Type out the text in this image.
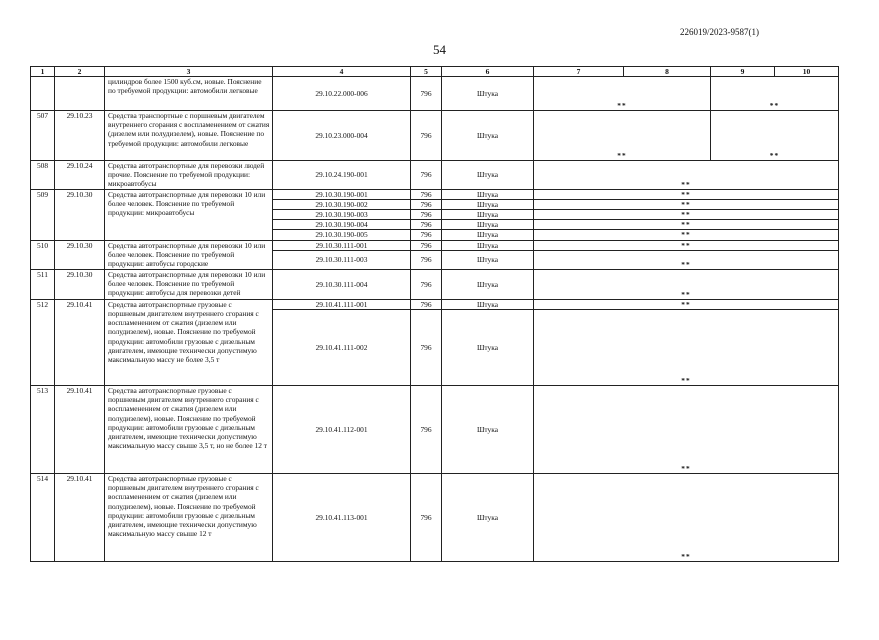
226019/2023-9587(1)
54
1	2	3	4	5	6	7	8	9	10
		цилиндров более 1500 куб.см, новые. Пояснение по требуемой продукции: автомобили легковые	29.10.22.000-006	796	Штука	**		**	
507	29.10.23	Средства транспортные с поршневым двигателем внутреннего сгорания с воспламенением от сжатия (дизелем или полудизелем), новые. Пояснение по требуемой продукции: автомобили легковые	29.10.23.000-004	796	Штука	**		**	
508	29.10.24	Средства автотранспортные для перевозки людей прочие. Пояснение по требуемой продукции: микроавтобусы	29.10.24.190-001	796	Штука	**			
509	29.10.30	Средства автотранспортные для перевозки 10 или более человек. Пояснение по требуемой продукции: микроавтобусы	29.10.30.190-001	796	Штука	**			
			29.10.30.190-002	796	Штука	**			
			29.10.30.190-003	796	Штука	**			
			29.10.30.190-004	796	Штука	**			
			29.10.30.190-005	796	Штука	**			
510	29.10.30	Средства автотранспортные для перевозки 10 или более человек. Пояснение по требуемой продукции: автобусы городские	29.10.30.111-001	796	Штука	**			
			29.10.30.111-003	796	Штука	**			
511	29.10.30	Средства автотранспортные для перевозки 10 или более человек. Пояснение по требуемой продукции: автобусы для перевозки детей	29.10.30.111-004	796	Штука	**			
512	29.10.41	Средства автотранспортные грузовые с поршневым двигателем внутреннего сгорания с воспламенением от сжатия (дизелем или полудизелем), новые. Пояснение по требуемой продукции: автомобили грузовые с дизельным двигателем, имеющие технически допустимую максимальную массу не более 3,5 т	29.10.41.111-001	796	Штука	**			
			29.10.41.111-002	796	Штука	**			
513	29.10.41	Средства автотранспортные грузовые с поршневым двигателем внутреннего сгорания с воспламенением от сжатия (дизелем или полудизелем), новые. Пояснение по требуемой продукции: автомобили грузовые с дизельным двигателем, имеющие технически допустимую максимальную массу свыше 3,5 т, но не более 12 т	29.10.41.112-001	796	Штука	**			
514	29.10.41	Средства автотранспортные грузовые с поршневым двигателем внутреннего сгорания с воспламенением от сжатия (дизелем или полудизелем), новые. Пояснение по требуемой продукции: автомобили грузовые с дизельным двигателем, имеющие технически допустимую максимальную массу свыше 12 т	29.10.41.113-001	796	Штука	**			
